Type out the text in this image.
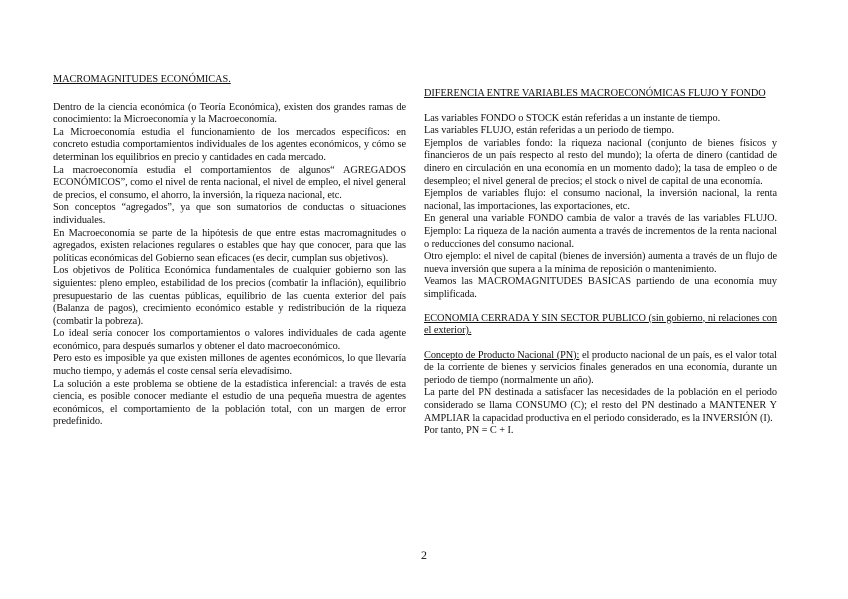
MACROMAGNITUDES ECONÓMICAS.

Dentro de la ciencia económica (o Teoría Económica), existen dos grandes ramas de conocimiento: la Microeconomía y la Macroeconomía.

La Microeconomía estudia el funcionamiento de los mercados específicos: en concreto estudia comportamientos individuales de los agentes económicos, y cómo se determinan los equilibrios en precio y cantidades en cada mercado.

La macroeconomía estudia el comportamientos de algunos“ AGREGADOS ECONÓMICOS”, como el nivel de renta nacional, el nivel de empleo, el nivel general de precios, el consumo, el ahorro, la inversión, la riqueza nacional, etc.

Son conceptos “agregados”, ya que son sumatorios de conductas o situaciones individuales.

En Macroeconomía se parte de la hipótesis de que entre estas macromagnitudes o agregados, existen relaciones regulares o estables que hay que conocer, para que las políticas económicas del Gobierno sean eficaces (es decir, cumplan sus objetivos).

Los objetivos de Política Económica fundamentales de cualquier gobierno son las siguientes: pleno empleo, estabilidad de los precios (combatir la inflación), equilibrio presupuestario de las cuentas públicas, equilibrio de las cuenta exterior del país (Balanza de pagos), crecimiento económico estable y redistribución de la riqueza (combatir la pobreza).

Lo ideal sería conocer los comportamientos o valores individuales de cada agente económico, para después sumarlos y obtener el dato macroeconómico.

Pero esto es imposible ya que existen millones de agentes económicos, lo que llevaría mucho tiempo, y además el coste censal sería elevadísimo.

La solución a este problema se obtiene de la estadística inferencial: a través de esta ciencia, es posible conocer mediante el estudio de una pequeña muestra de agentes económicos, el comportamiento de la población total, con un margen de error predefinido.

DIFERENCIA ENTRE VARIABLES MACROECONÓMICAS FLUJO Y FONDO

Las variables FONDO o STOCK están referidas a un instante de tiempo.

Las variables FLUJO, están referidas a un periodo de tiempo.

Ejemplos de variables fondo: la riqueza nacional (conjunto de bienes físicos y financieros de un país respecto al resto del mundo); la oferta de dinero (cantidad de dinero en circulación en una economía en un momento dado); la tasa de empleo o de desempleo; el nivel general de precios; el stock o nivel de capital de una economía.

Ejemplos de variables flujo: el consumo nacional, la inversión nacional, la renta nacional, las importaciones, las exportaciones, etc.

En general una variable FONDO cambia de valor a través de las variables FLUJO. Ejemplo: La riqueza de la nación aumenta a través de incrementos de la renta nacional o reducciones del consumo nacional.

Otro ejemplo: el nivel de capital (bienes de inversión) aumenta a través de un flujo de nueva inversión que supera a la mínima de reposición o mantenimiento.

Veamos las MACROMAGNITUDES BASICAS partiendo de una economía muy simplificada.

ECONOMIA CERRADA Y SIN SECTOR PUBLICO (sin gobierno, ni relaciones con el exterior).

Concepto de Producto Nacional (PN): el producto nacional de un país, es el valor total de la corriente de bienes y servicios finales generados en una economía, durante un periodo de tiempo (normalmente un año).

La parte del PN destinada a satisfacer las necesidades de la población en el periodo considerado se llama CONSUMO (C); el resto del PN destinado a MANTENER Y AMPLIAR la capacidad productiva en el periodo considerado, es la INVERSIÓN (I).

Por tanto, PN = C + I.

2
